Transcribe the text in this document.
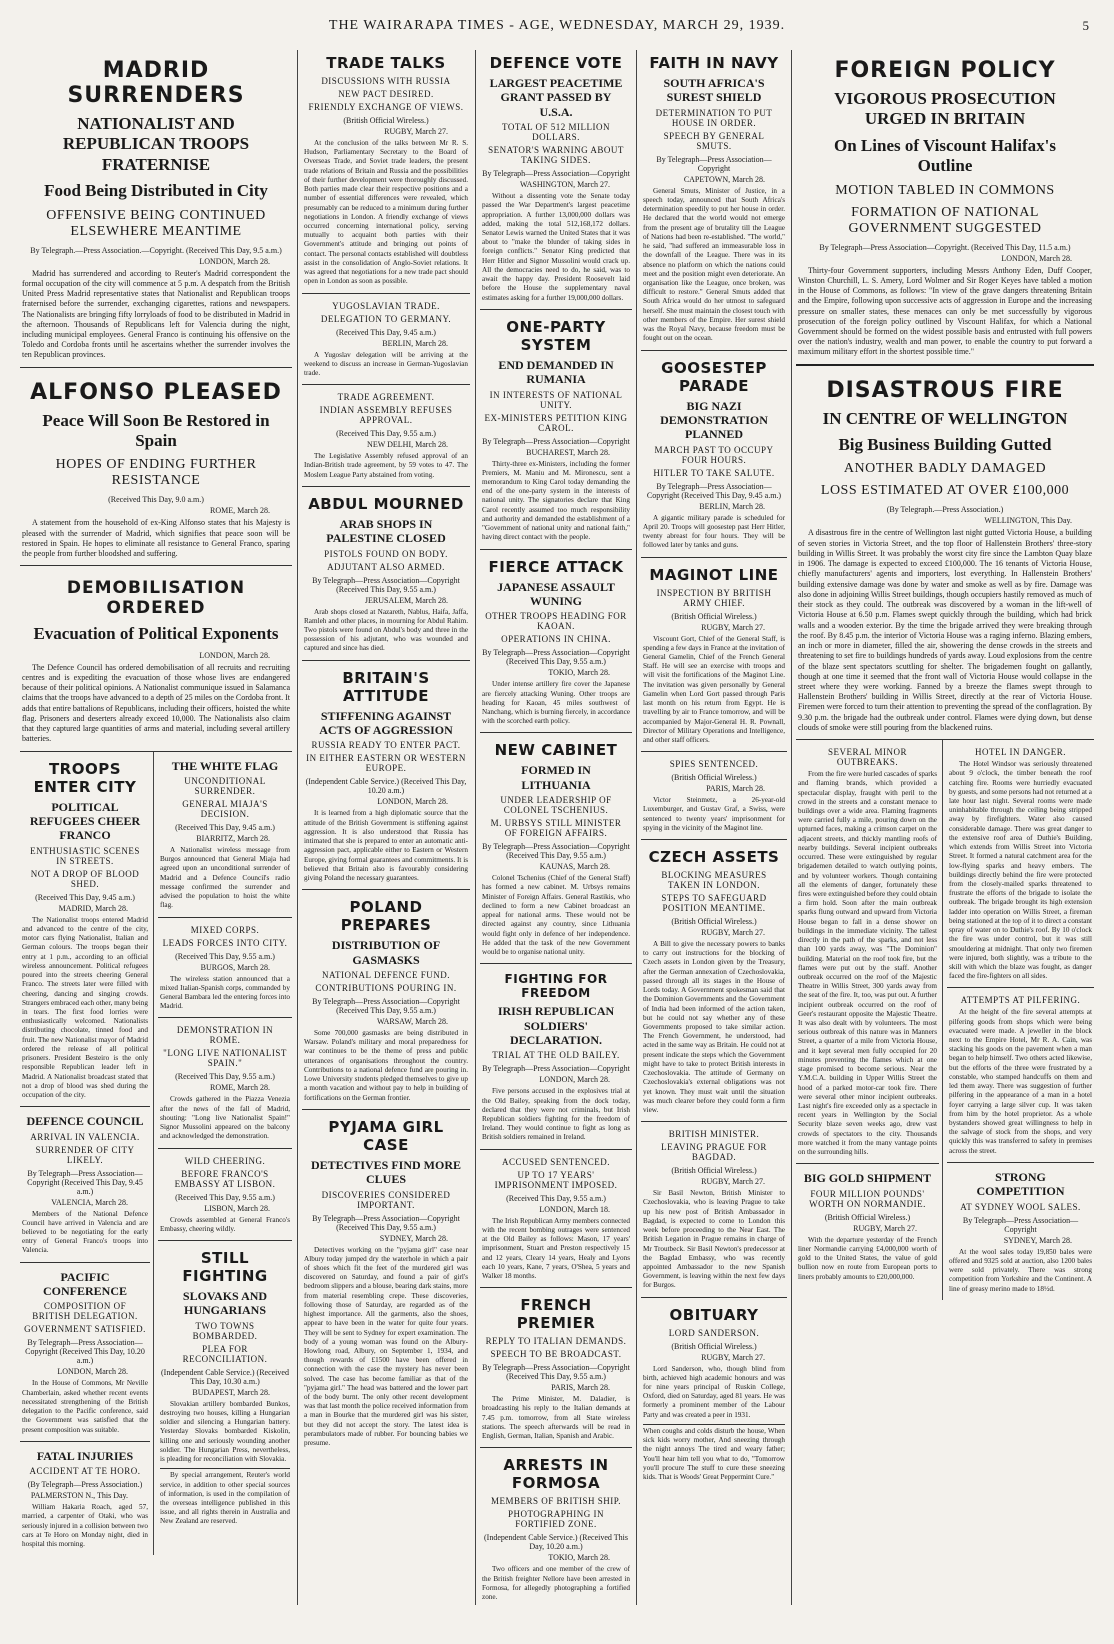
THE WAIRARAPA TIMES - AGE, WEDNESDAY, MARCH 29, 1939.	5
MADRID SURRENDERS
NATIONALIST AND REPUBLICAN TROOPS FRATERNISE
Food Being Distributed in City
OFFENSIVE BEING CONTINUED ELSEWHERE MEANTIME
By Telegraph.—Press Association.—Copyright. (Received This Day, 9.5 a.m.)
LONDON, March 28.
Madrid has surrendered and according to Reuter's Madrid correspondent the formal occupation of the city will commence at 5 p.m. A despatch from the British United Press Madrid representative states that Nationalist and Republican troops fraternised before the surrender, exchanging cigarettes, rations and newspapers. The Nationalists are bringing fifty lorryloads of food to be distributed in Madrid in the afternoon. Thousands of Republicans left for Valencia during the night, including municipal employees. General Franco is continuing his offensive on the Toledo and Cordoba fronts until he ascertains whether the surrender involves the ten Republican provinces.
ALFONSO PLEASED
Peace Will Soon Be Restored in Spain
HOPES OF ENDING FURTHER RESISTANCE
(Received This Day, 9.0 a.m.)
ROME, March 28.
A statement from the household of ex-King Alfonso states that his Majesty is pleased with the surrender of Madrid, which signifies that peace soon will be restored in Spain. He hopes to eliminate all resistance to General Franco, sparing the people from further bloodshed and suffering.
DEMOBILISATION ORDERED
Evacuation of Political Exponents
LONDON, March 28.
The Defence Council has ordered demobilisation of all recruits and recruiting centres and is expediting the evacuation of those whose lives are endangered because of their political opinions. A Nationalist communique issued in Salamanca claims that the troops have advanced to a depth of 25 miles on the Cordoba front. It adds that entire battalions of Republicans, including their officers, hoisted the white flag. Prisoners and deserters already exceed 10,000. The Nationalists also claim that they captured large quantities of arms and material, including several artillery batteries.
TROOPS ENTER CITY
POLITICAL REFUGEES CHEER FRANCO
ENTHUSIASTIC SCENES IN STREETS.
NOT A DROP OF BLOOD SHED.
(Received This Day, 9.45 a.m.)
MADRID, March 28.
The Nationalist troops entered Madrid and advanced to the centre of the city, motor cars flying Nationalist, Italian and German colours. The troops began their entry at 1 p.m., according to an official wireless announcement. Political refugees poured into the streets cheering General Franco. The streets later were filled with cheering, dancing and singing crowds. Strangers embraced each other, many being in tears. The first food lorries were enthusiastically welcomed. Nationalists distributing chocolate, tinned food and fruit. The new Nationalist mayor of Madrid ordered the release of all political prisoners. President Besteiro is the only responsible Republican leader left in Madrid. A Nationalist broadcast stated that not a drop of blood was shed during the occupation of the city.
DEFENCE COUNCIL
ARRIVAL IN VALENCIA.
SURRENDER OF CITY LIKELY.
By Telegraph—Press Association—Copyright (Received This Day, 9.45 a.m.)
VALENCIA, March 28.
Members of the National Defence Council have arrived in Valencia and are believed to be negotiating for the early entry of General Franco's troops into Valencia.
PACIFIC CONFERENCE
COMPOSITION OF BRITISH DELEGATION.
GOVERNMENT SATISFIED.
By Telegraph—Press Association—Copyright (Received This Day, 10.20 a.m.)
LONDON, March 28.
In the House of Commons, Mr Neville Chamberlain, asked whether recent events necessitated strengthening of the British delegation to the Pacific conference, said the Government was satisfied that the present composition was suitable.
FATAL INJURIES
ACCIDENT AT TE HORO.
(By Telegraph—Press Association.)
PALMERSTON N., This Day.
William Hakaria Roach, aged 57, married, a carpenter of Otaki, who was seriously injured in a collision between two cars at Te Horo on Monday night, died in hospital this morning.
THE WHITE FLAG
UNCONDITIONAL SURRENDER.
GENERAL MIAJA'S DECISION.
(Received This Day, 9.45 a.m.)
BIARRITZ, March 28.
A Nationalist wireless message from Burgos announced that General Miaja had agreed upon an unconditional surrender of Madrid and a Defence Council's radio message confirmed the surrender and advised the population to hoist the white flag.
MIXED CORPS.
LEADS FORCES INTO CITY.
(Received This Day, 9.55 a.m.)
BURGOS, March 28.
The wireless station announced that a mixed Italian-Spanish corps, commanded by General Bambara led the entering forces into Madrid.
DEMONSTRATION IN ROME.
"LONG LIVE NATIONALIST SPAIN."
(Received This Day, 9.55 a.m.)
ROME, March 28.
Crowds gathered in the Piazza Venezia after the news of the fall of Madrid, shouting: "Long live Nationalist Spain!" Signor Mussolini appeared on the balcony and acknowledged the demonstration.
WILD CHEERING.
BEFORE FRANCO'S EMBASSY AT LISBON.
(Received This Day, 9.55 a.m.)
LISBON, March 28.
Crowds assembled at General Franco's Embassy, cheering wildly.
STILL FIGHTING
SLOVAKS AND HUNGARIANS
TWO TOWNS BOMBARDED.
PLEA FOR RECONCILIATION.
(Independent Cable Service.) (Received This Day, 10.30 a.m.)
BUDAPEST, March 28.
Slovakian artillery bombarded Bunkos, destroying two houses, killing a Hungarian soldier and silencing a Hungarian battery. Yesterday Slovaks bombarded Kiskolin, killing one and seriously wounding another soldier. The Hungarian Press, nevertheless, is pleading for reconciliation with Slovakia.
By special arrangement, Reuter's world service, in addition to other special sources of information, is used in the compilation of the overseas intelligence published in this issue, and all rights therein in Australia and New Zealand are reserved.
TRADE TALKS
DISCUSSIONS WITH RUSSIA
NEW PACT DESIRED.
FRIENDLY EXCHANGE OF VIEWS.
(British Official Wireless.)
RUGBY, March 27.
At the conclusion of the talks between Mr R. S. Hudson, Parliamentary Secretary to the Board of Overseas Trade, and Soviet trade leaders, the present trade relations of Britain and Russia and the possibilities of their further development were thoroughly discussed. Both parties made clear their respective positions and a number of essential differences were revealed, which presumably can be reduced to a minimum during further negotiations in London. A friendly exchange of views occurred concerning international policy, serving mutually to acquaint both parties with their Government's attitude and bringing out points of contact. The personal contacts established will doubtless assist in the consolidation of Anglo-Soviet relations. It was agreed that negotiations for a new trade pact should open in London as soon as possible.
YUGOSLAVIAN TRADE.
DELEGATION TO GERMANY.
(Received This Day, 9.45 a.m.)
BERLIN, March 28.
A Yugoslav delegation will be arriving at the weekend to discuss an increase in German-Yugoslavian trade.
TRADE AGREEMENT.
INDIAN ASSEMBLY REFUSES APPROVAL.
(Received This Day, 9.55 a.m.)
NEW DELHI, March 28.
The Legislative Assembly refused approval of an Indian-British trade agreement, by 59 votes to 47. The Moslem League Party abstained from voting.
ABDUL MOURNED
ARAB SHOPS IN PALESTINE CLOSED
PISTOLS FOUND ON BODY.
ADJUTANT ALSO ARMED.
By Telegraph—Press Association—Copyright (Received This Day, 9.55 a.m.)
JERUSALEM, March 28.
Arab shops closed at Nazareth, Nablus, Haifa, Jaffa, Ramleh and other places, in mourning for Abdul Rahim. Two pistols were found on Abdul's body and three in the possession of his adjutant, who was wounded and captured and since has died.
BRITAIN'S ATTITUDE
STIFFENING AGAINST ACTS OF AGGRESSION
RUSSIA READY TO ENTER PACT.
IN EITHER EASTERN OR WESTERN EUROPE.
(Independent Cable Service.) (Received This Day, 10.20 a.m.)
LONDON, March 28.
It is learned from a high diplomatic source that the attitude of the British Government is stiffening against aggression. It is also understood that Russia has intimated that she is prepared to enter an automatic anti-aggression pact, applicable either to Eastern or Western Europe, giving formal guarantees and commitments. It is believed that Britain also is favourably considering giving Poland the necessary guarantees.
POLAND PREPARES
DISTRIBUTION OF GASMASKS
NATIONAL DEFENCE FUND.
CONTRIBUTIONS POURING IN.
By Telegraph—Press Association—Copyright (Received This Day, 9.55 a.m.)
WARSAW, March 28.
Some 700,000 gasmasks are being distributed in Warsaw. Poland's military and moral preparedness for war continues to be the theme of press and public utterances of organisations throughout the country. Contributions to a national defence fund are pouring in. Lowe University students pledged themselves to give up a month vacation and without pay to help in building of fortifications on the German frontier.
PYJAMA GIRL CASE
DETECTIVES FIND MORE CLUES
DISCOVERIES CONSIDERED IMPORTANT.
By Telegraph—Press Association—Copyright (Received This Day, 9.55 a.m.)
SYDNEY, March 28.
Detectives working on the "pyjama girl" case near Albury today jumped dry the waterhole in which a pair of shoes which fit the feet of the murdered girl was discovered on Saturday, and found a pair of girl's bedroom slippers and a blouse, bearing dark stains, more from material resembling crepe. These discoveries, following those of Saturday, are regarded as of the highest importance. All the garments, also the shoes, appear to have been in the water for quite four years. They will be sent to Sydney for expert examination. The body of a young woman was found on the Albury-Howlong road, Albury, on September 1, 1934, and though rewards of £1500 have been offered in connection with the case the mystery has never been solved. The case has become familiar as that of the "pyjama girl." The head was battered and the lower part of the body burnt. The only other recent development was that last month the police received information from a man in Bourke that the murdered girl was his sister, but they did not accept the story. The latest idea is perambulators made of rubber. For bouncing babies we presume.
DEFENCE VOTE
LARGEST PEACETIME GRANT PASSED BY U.S.A.
TOTAL OF 512 MILLION DOLLARS.
SENATOR'S WARNING ABOUT TAKING SIDES.
By Telegraph—Press Association—Copyright
WASHINGTON, March 27.
Without a dissenting vote the Senate today passed the War Department's largest peacetime appropriation. A further 13,000,000 dollars was added, making the total 512,168,172 dollars. Senator Lewis warned the United States that it was about to "make the blunder of taking sides in foreign conflicts." Senator King predicted that Herr Hitler and Signor Mussolini would crack up. All the democracies need to do, he said, was to await the happy day. President Roosevelt laid before the House the supplementary naval estimates asking for a further 19,000,000 dollars.
ONE-PARTY SYSTEM
END DEMANDED IN RUMANIA
IN INTERESTS OF NATIONAL UNITY.
EX-MINISTERS PETITION KING CAROL.
By Telegraph—Press Association—Copyright
BUCHAREST, March 28.
Thirty-three ex-Ministers, including the former Premiers, M. Maniu and M. Mironescu, sent a memorandum to King Carol today demanding the end of the one-party system in the interests of national unity. The signatories declare that King Carol recently assumed too much responsibility and authority and demanded the establishment of a "Government of national unity and national faith," having direct contact with the people.
FIERCE ATTACK
JAPANESE ASSAULT WUNING
OTHER TROOPS HEADING FOR KAOAN.
OPERATIONS IN CHINA.
By Telegraph—Press Association—Copyright (Received This Day, 9.55 a.m.)
TOKIO, March 28.
Under intense artillery fire cover the Japanese are fiercely attacking Wuning. Other troops are heading for Kaoan, 45 miles southwest of Nanchang, which is burning fiercely, in accordance with the scorched earth policy.
NEW CABINET
FORMED IN LITHUANIA
UNDER LEADERSHIP OF COLONEL TSCHENIUS.
M. URBSYS STILL MINISTER OF FOREIGN AFFAIRS.
By Telegraph—Press Association—Copyright (Received This Day, 9.55 a.m.)
KAUNAS, March 28.
Colonel Tschenius (Chief of the General Staff) has formed a new cabinet. M. Urbsys remains Minister of Foreign Affairs. General Rastikis, who declined to form a new Cabinet broadcast an appeal for national arms. These would not be directed against any country, since Lithuania would fight only in defence of her independence. He added that the task of the new Government would be to organise national unity.
FIGHTING FOR FREEDOM
IRISH REPUBLICAN SOLDIERS' DECLARATION.
TRIAL AT THE OLD BAILEY.
By Telegraph—Press Association—Copyright
LONDON, March 28.
Five persons accused in the explosives trial at the Old Bailey, speaking from the dock today, declared that they were not criminals, but Irish Republican soldiers fighting for the freedom of Ireland. They would continue to fight as long as British soldiers remained in Ireland.
ACCUSED SENTENCED.
UP TO 17 YEARS' IMPRISONMENT IMPOSED.
(Received This Day, 9.55 a.m.)
LONDON, March 18.
The Irish Republican Army members connected with the recent bombing outrages were sentenced at the Old Bailey as follows: Mason, 17 years' imprisonment, Stuart and Preston respectively 15 and 12 years, Cleary 14 years, Healy and Lyons each 10 years, Kane, 7 years, O'Shea, 5 years and Walker 18 months.
FRENCH PREMIER
REPLY TO ITALIAN DEMANDS.
SPEECH TO BE BROADCAST.
By Telegraph—Press Association—Copyright (Received This Day, 9.55 a.m.)
PARIS, March 28.
The Prime Minister, M. Daladier, is broadcasting his reply to the Italian demands at 7.45 p.m. tomorrow, from all State wireless stations. The speech afterwards will be read in English, German, Italian, Spanish and Arabic.
ARRESTS IN FORMOSA
MEMBERS OF BRITISH SHIP.
PHOTOGRAPHING IN FORTIFIED ZONE.
(Independent Cable Service.) (Received This Day, 10.20 a.m.)
TOKIO, March 28.
Two officers and one member of the crew of the British freighter Nellore have been arrested in Formosa, for allegedly photographing a fortified zone.
FAITH IN NAVY
SOUTH AFRICA'S SUREST SHIELD
DETERMINATION TO PUT HOUSE IN ORDER.
SPEECH BY GENERAL SMUTS.
By Telegraph—Press Association—Copyright
CAPETOWN, March 28.
General Smuts, Minister of Justice, in a speech today, announced that South Africa's determination speedily to put her house in order. He declared that the world would not emerge from the present age of brutality till the League of Nations had been re-established. "The world," he said, "had suffered an immeasurable loss in the downfall of the League. There was in its absence no platform on which the nations could meet and the position might even deteriorate. An organisation like the League, once broken, was difficult to restore." General Smuts added that South Africa would do her utmost to safeguard herself. She must maintain the closest touch with other members of the Empire. Her surest shield was the Royal Navy, because freedom must be fought out on the ocean.
GOOSESTEP PARADE
BIG NAZI DEMONSTRATION PLANNED
MARCH PAST TO OCCUPY FOUR HOURS.
HITLER TO TAKE SALUTE.
By Telegraph—Press Association—Copyright (Received This Day, 9.45 a.m.)
BERLIN, March 28.
A gigantic military parade is scheduled for April 20. Troops will goosestep past Herr Hitler, twenty abreast for four hours. They will be followed later by tanks and guns.
MAGINOT LINE
INSPECTION BY BRITISH ARMY CHIEF.
(British Official Wireless.)
RUGBY, March 27.
Viscount Gort, Chief of the General Staff, is spending a few days in France at the invitation of General Gamelin, Chief of the French General Staff. He will see an exercise with troops and will visit the fortifications of the Maginot Line. The invitation was given personally by General Gamelin when Lord Gort passed through Paris last month on his return from Egypt. He is travelling by air to France tomorrow, and will be accompanied by Major-General H. R. Pownall, Director of Military Operations and Intelligence, and other staff officers.
SPIES SENTENCED.
(British Official Wireless.)
PARIS, March 28.
Victor Steinmetz, a 26-year-old Luxemburger, and Gustav Graf, a Swiss, were sentenced to twenty years' imprisonment for spying in the vicinity of the Maginot line.
CZECH ASSETS
BLOCKING MEASURES TAKEN IN LONDON.
STEPS TO SAFEGUARD POSITION MEANTIME.
(British Official Wireless.)
RUGBY, March 27.
A Bill to give the necessary powers to banks to carry out instructions for the blocking of Czech assets in London given by the Treasury, after the German annexation of Czechoslovakia, passed through all its stages in the House of Lords today. A Government spokesman said that the Dominion Governments and the Government of India had been informed of the action taken, but he could not say whether any of these Governments proposed to take similar action. The French Government, he understood, had acted in the same way as Britain. He could not at present indicate the steps which the Government might have to take to protect British interests in Czechoslovakia. The attitude of Germany on Czechoslovakia's external obligations was not yet known. They must wait until the situation was much clearer before they could form a firm view.
BRITISH MINISTER.
LEAVING PRAGUE FOR BAGDAD.
(British Official Wireless.)
RUGBY, March 27.
Sir Basil Newton, British Minister to Czechoslovakia, who is leaving Prague to take up his new post of British Ambassador in Bagdad, is expected to come to London this week before proceeding to the Near East. The British Legation in Prague remains in charge of Mr Troutbeck. Sir Basil Newton's predecessor at the Bagdad Embassy, who was recently appointed Ambassador to the new Spanish Government, is leaving within the next few days for Burgos.
OBITUARY
LORD SANDERSON.
(British Official Wireless.)
RUGBY, March 27.
Lord Sanderson, who, though blind from birth, achieved high academic honours and was for nine years principal of Ruskin College, Oxford, died on Saturday, aged 81 years. He was formerly a prominent member of the Labour Party and was created a peer in 1931.
When coughs and colds disturb the house, When sick kids worry mother, And sneezing through the night annoys The tired and weary father; You'll hear him tell you what to do, "Tomorrow you'll procure The stuff to cure these sneezing kids. That is Woods' Great Peppermint Cure."
FOREIGN POLICY
VIGOROUS PROSECUTION URGED IN BRITAIN
On Lines of Viscount Halifax's Outline
MOTION TABLED IN COMMONS
FORMATION OF NATIONAL GOVERNMENT SUGGESTED
By Telegraph—Press Association—Copyright. (Received This Day, 11.5 a.m.)
LONDON, March 28.
Thirty-four Government supporters, including Messrs Anthony Eden, Duff Cooper, Winston Churchill, L. S. Amery, Lord Wolmer and Sir Roger Keyes have tabled a motion in the House of Commons, as follows: "In view of the grave dangers threatening Britain and the Empire, following upon successive acts of aggression in Europe and the increasing pressure on smaller states, these menaces can only be met successfully by vigorous prosecution of the foreign policy outlined by Viscount Halifax, for which a National Government should be formed on the widest possible basis and entrusted with full powers over the nation's industry, wealth and man power, to enable the country to put forward a maximum military effort in the shortest possible time."
DISASTROUS FIRE
IN CENTRE OF WELLINGTON
Big Business Building Gutted
ANOTHER BADLY DAMAGED
LOSS ESTIMATED AT OVER £100,000
(By Telegraph.—Press Association.)
WELLINGTON, This Day.
A disastrous fire in the centre of Wellington last night gutted Victoria House, a building of seven stories in Victoria Street, and the top floor of Hallenstein Brothers' three-story building in Willis Street. It was probably the worst city fire since the Lambton Quay blaze in 1906. The damage is expected to exceed £100,000. The 16 tenants of Victoria House, chiefly manufacturers' agents and importers, lost everything. In Hallenstein Brothers' building extensive damage was done by water and smoke as well as by fire. Damage was also done in adjoining Willis Street buildings, though occupiers hastily removed as much of their stock as they could. The outbreak was discovered by a woman in the lift-well of Victoria House at 6.50 p.m. Flames swept quickly through the building, which had brick walls and a wooden exterior. By the time the brigade arrived they were breaking through the roof. By 8.45 p.m. the interior of Victoria House was a raging inferno. Blazing embers, an inch or more in diameter, filled the air, showering the dense crowds in the streets and threatening to set fire to buildings hundreds of yards away. Loud explosions from the centre of the blaze sent spectators scuttling for shelter. The brigademen fought on gallantly, though at one time it seemed that the front wall of Victoria House would collapse in the street where they were working. Fanned by a breeze the flames swept through to Hallenstein Brothers' building in Willis Street, directly at the rear of Victoria House. Firemen were forced to turn their attention to preventing the spread of the conflagration. By 9.30 p.m. the brigade had the outbreak under control. Flames were dying down, but dense clouds of smoke were still pouring from the blackened ruins.
SEVERAL MINOR OUTBREAKS.
From the fire were hurled cascades of sparks and flaming brands, which provided a spectacular display, fraught with peril to the crowd in the streets and a constant menace to buildings over a wide area. Flaming fragments were carried fully a mile, pouring down on the upturned faces, making a crimson carpet on the adjacent streets, and thickly mantling roofs of nearby buildings. Several incipient outbreaks occurred. These were extinguished by regular brigademen detailed to watch outlying points, and by volunteer workers. Though containing all the elements of danger, fortunately these fires were extinguished before they could obtain a firm hold. Soon after the main outbreak sparks flung outward and upward from Victoria House began to fall in a dense shower on buildings in the immediate vicinity. The tallest directly in the path of the sparks, and not less than 100 yards away, was "The Dominion" building. Material on the roof took fire, but the flames were put out by the staff. Another outbreak occurred on the roof of the Majestic Theatre in Willis Street, 300 yards away from the seat of the fire. It, too, was put out. A further incipient outbreak occurred on the roof of Geer's restaurant opposite the Majestic Theatre. It was also dealt with by volunteers. The most serious outbreak of this nature was in Manners Street, a quarter of a mile from Victoria House, and it kept several men fully occupied for 20 minutes preventing the flames which at one stage promised to become serious. Near the Y.M.C.A. building in Upper Willis Street the hood of a parked motor-car took fire. There were several other minor incipient outbreaks. Last night's fire exceeded only as a spectacle in recent years in Wellington by the Social Security blaze seven weeks ago, drew vast crowds of spectators to the city. Thousands more watched it from the many vantage points on the surrounding hills.
BIG GOLD SHIPMENT
FOUR MILLION POUNDS' WORTH ON NORMANDIE.
(British Official Wireless.)
RUGBY, March 27.
With the departure yesterday of the French liner Normandie carrying £4,000,000 worth of gold to the United States, the value of gold bullion now en route from European ports to liners probably amounts to £20,000,000.
HOTEL IN DANGER.
The Hotel Windsor was seriously threatened about 9 o'clock, the timber beneath the roof catching fire. Rooms were hurriedly evacuated by guests, and some persons had not returned at a late hour last night. Several rooms were made uninhabitable through the ceiling being stripped away by firefighters. Water also caused considerable damage. There was great danger to the extensive roof area of Duthie's Building, which extends from Willis Street into Victoria Street. It formed a natural catchment area for the low-flying sparks and heavy embers. The buildings directly behind the fire were protected from the closely-mailed sparks threatened to frustrate the efforts of the brigade to isolate the outbreak. The brigade brought its high extension ladder into operation on Willis Street, a fireman being stationed at the top of it to direct a constant spray of water on to Duthie's roof. By 10 o'clock the fire was under control, but it was still smouldering at midnight. That only two firemen were injured, both slightly, was a tribute to the skill with which the blaze was fought, as danger faced the fire-fighters on all sides.
ATTEMPTS AT PILFERING.
At the height of the fire several attempts at pilfering goods from shops which were being evacuated were made. A jeweller in the block next to the Empire Hotel, Mr R. A. Cain, was stacking his goods on the pavement when a man began to help himself. Two others acted likewise, but the efforts of the three were frustrated by a constable, who stamped handcuffs on them and led them away. There was suggestion of further pilfering in the appearance of a man in a hotel foyer carrying a large silver cup. It was taken from him by the hotel proprietor. As a whole bystanders showed great willingness to help in the salvage of stock from the shops, and very quickly this was transferred to safety in premises across the street.
STRONG COMPETITION
AT SYDNEY WOOL SALES.
By Telegraph—Press Association—Copyright
SYDNEY, March 28.
At the wool sales today 19,850 bales were offered and 9325 sold at auction, also 1200 bales were sold privately. There was strong competition from Yorkshire and the Continent. A line of greasy merino made to 18½d.
